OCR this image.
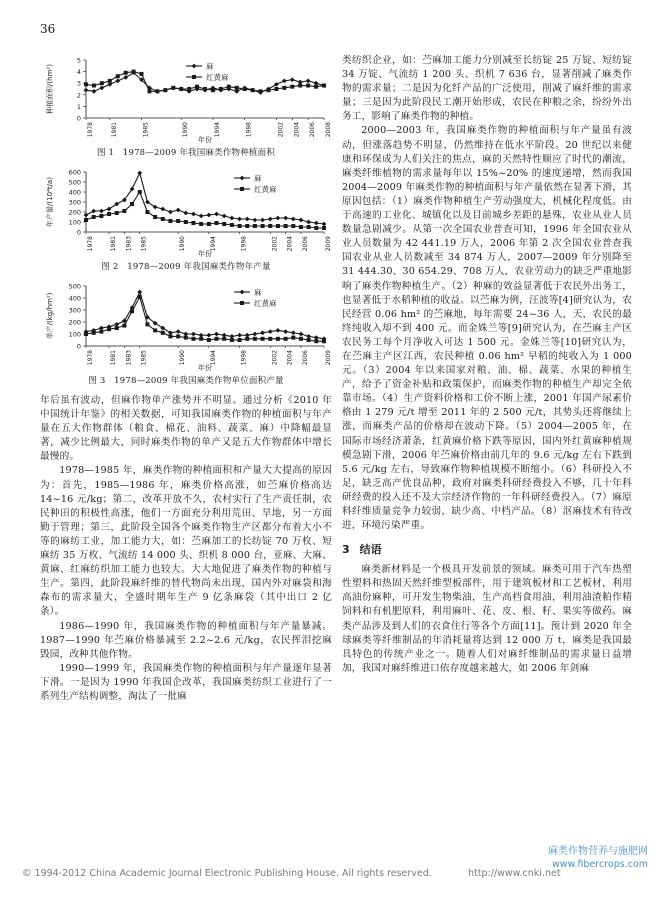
36
0
1
2
3
4
5
1978	1981	1985	1990	1994	1998	2002 2004 2006 2008
年份
种植面积/(hm²)	麻
红黄麻
图 1　1978—2009 年我国麻类作物种植面积
0
100
200
300
400
500
600
1978	1981 1983 1985	1990	1994	1998	2002 2004 2006	2009
年份
年产量/(10⁴t/a)	麻
红黄麻
图 2　1978—2009 年我国麻类作物年产量
0
100
200
300
400
500
1978	1981 1983 1985	1990	1994	1998	2002 2004 2006	2009
年份
单产/(kg/hm²)
麻
红黄麻
图 3　1978—2009 年我国麻类作物单位面积产量

年后虽有波动，但麻作物单产涨势并不明显。通过分析《2010 年中国统计年鉴》的相关数据，可知我国麻类作物的种植面积与年产量在五大作物群体（粮食、棉花、油料、蔬菜、麻）中降幅最显著，减少比例最大，同时麻类作物的单产又是五大作物群体中增长最慢的。

1978—1985 年，麻类作物的种植面积和产量大大提高的原因为：首先，1985—1986 年，麻类价格高涨，如苎麻价格高达 14~16 元/kg；第二，改革开放不久，农村实行了生产责任制，农民种田的积极性高涨，他们一方面充分利用荒田、旱地，另一方面勤于管理；第三，此阶段全国各个麻类作物生产区都分布着大小不等的麻纺工业，加工能力大，如：苎麻加工的长纺锭 70 万枚、短麻纺 35 万枚、气流纺 14 000 头、织机 8 000 台，亚麻、大麻、黄麻、红麻纺织加工能力也较大。大大地促进了麻类作物的种植与生产。第四，此阶段麻纤维的替代物尚未出现，国内外对麻袋和海森布的需求量大，全盛时期年生产 9 亿条麻袋（其中出口 2 亿条）。

1986—1990 年，我国麻类作物的种植面积与年产量暴减。1987—1990 年苎麻价格暴减至 2.2~2.6 元/kg，农民挥泪挖麻毁园，改种其他作物。

1990—1999 年，我国麻类作物的种植面积与年产量逐年显著下滑。一是因为 1990 年我国企改革，我国麻类纺织工业进行了一系列生产结构调整，淘汰了一批麻

类纺织企业，如：苎麻加工能力分别减至长纺锭 25 万锭、短纺锭 34 万锭、气流纺 1 200 头、织机 7 636 台，显著削减了麻类作物的需求量；二是因为化纤产品的广泛使用，削减了麻纤维的需求量；三是因为此阶段民工潮开始形成，农民在种粮之余，纷纷外出务工，影响了麻类作物的种植。

2000—2003 年，我国麻类作物的种植面积与年产量虽有波动，但涨落趋势不明显，仍然维持在低水平阶段。20 世纪以来健康和环保成为人们关注的焦点，麻的天然特性顺应了时代的潮流，麻类纤维植物的需求量每年以 15%~20% 的速度递增，然而我国 2004—2009 年麻类作物的种植面积与年产量依然在显著下滑，其原因包括：（1）麻类作物种植生产劳动强度大，机械化程度低。由于高速的工业化、城镇化以及目前城乡差距的悬殊，农业从业人员数量急剧减少。从第一次全国农业普查可知，1996 年全国农业从业人员数量为 42 441.19 万人，2006 年第 2 次全国农业普查我国农业从业人员数减至 34 874 万人，2007—2009 年分别降至 31 444.30、30 654.29、708 万人，农业劳动力的缺乏严重地影响了麻类作物种植生产。（2）种麻的效益显著低于农民外出务工，也显著低于水稻种植的收益。以苎麻为例，汪波等[4]研究认为，农民经营 0.06 hm² 的苎麻地，每年需要 24~36 人，天，农民的最终纯收入却不到 400 元。而金姝兰等[9]研究认为，在苎麻主产区农民务工每个月净收入可达 1 500 元。金姝兰等[10]研究认为，在苎麻主产区江西，农民种植 0.06 hm² 早稻的纯收入为 1 000 元。（3）2004 年以来国家对粮、油、棉、蔬菜、水果的种植生产，给予了资金补贴和政策保护，而麻类作物的种植生产却完全依靠市场。（4）生产资料价格和工价不断上涨，2001 年国产尿素价格由 1 279 元/t 增至 2011 年的 2 500 元/t，其势头还将继续上涨，而麻类产品的价格却在波动下降。（5）2004—2005 年，在国际市场经济萧条，红黄麻价格下跌等原因，国内外红黄麻种植规模急剧下滑，2006 年苎麻价格由前几年的 9.6 元/kg 左右下跌到 5.6 元/kg 左右，导致麻作物种植规模不断缩小。（6）科研投入不足，缺乏高产优良品种，政府对麻类科研经费投入不够，几十年科研经费的投入还不及大宗经济作物的一年科研经费投入。（7）麻原料纤维质量竞争力较弱，缺少高、中档产品。（8）沤麻技术有待改进，环境污染严重。

3 结语

麻类新材料是一个极具开发前景的领域。麻类可用于汽车热塑性塑料和热固天然纤维型板部件，用于建筑板材和工艺板材，利用高油份麻种，可开发生物柴油，生产高档食用油，利用油渣粕作精饲料和有机肥原料，利用麻叶、花、皮、根、籽、果实等做药。麻类产品涉及到人们的衣食住行等各个方面[11]。预计到 2020 年全球麻类等纤维制品的年消耗量将达到 12 000 万 t，麻类是我国最具特色的传统产业之一。随着人们对麻纤维制品的需求量日益增加，我国对麻纤维进口依存度越来越大，如 2006 年剑麻

© 1994-2012 China Academic Journal Electronic Publishing House. All rights reserved.	http://www.cnki.net
麻类作物营养与施肥网
www.fibercrops.com
